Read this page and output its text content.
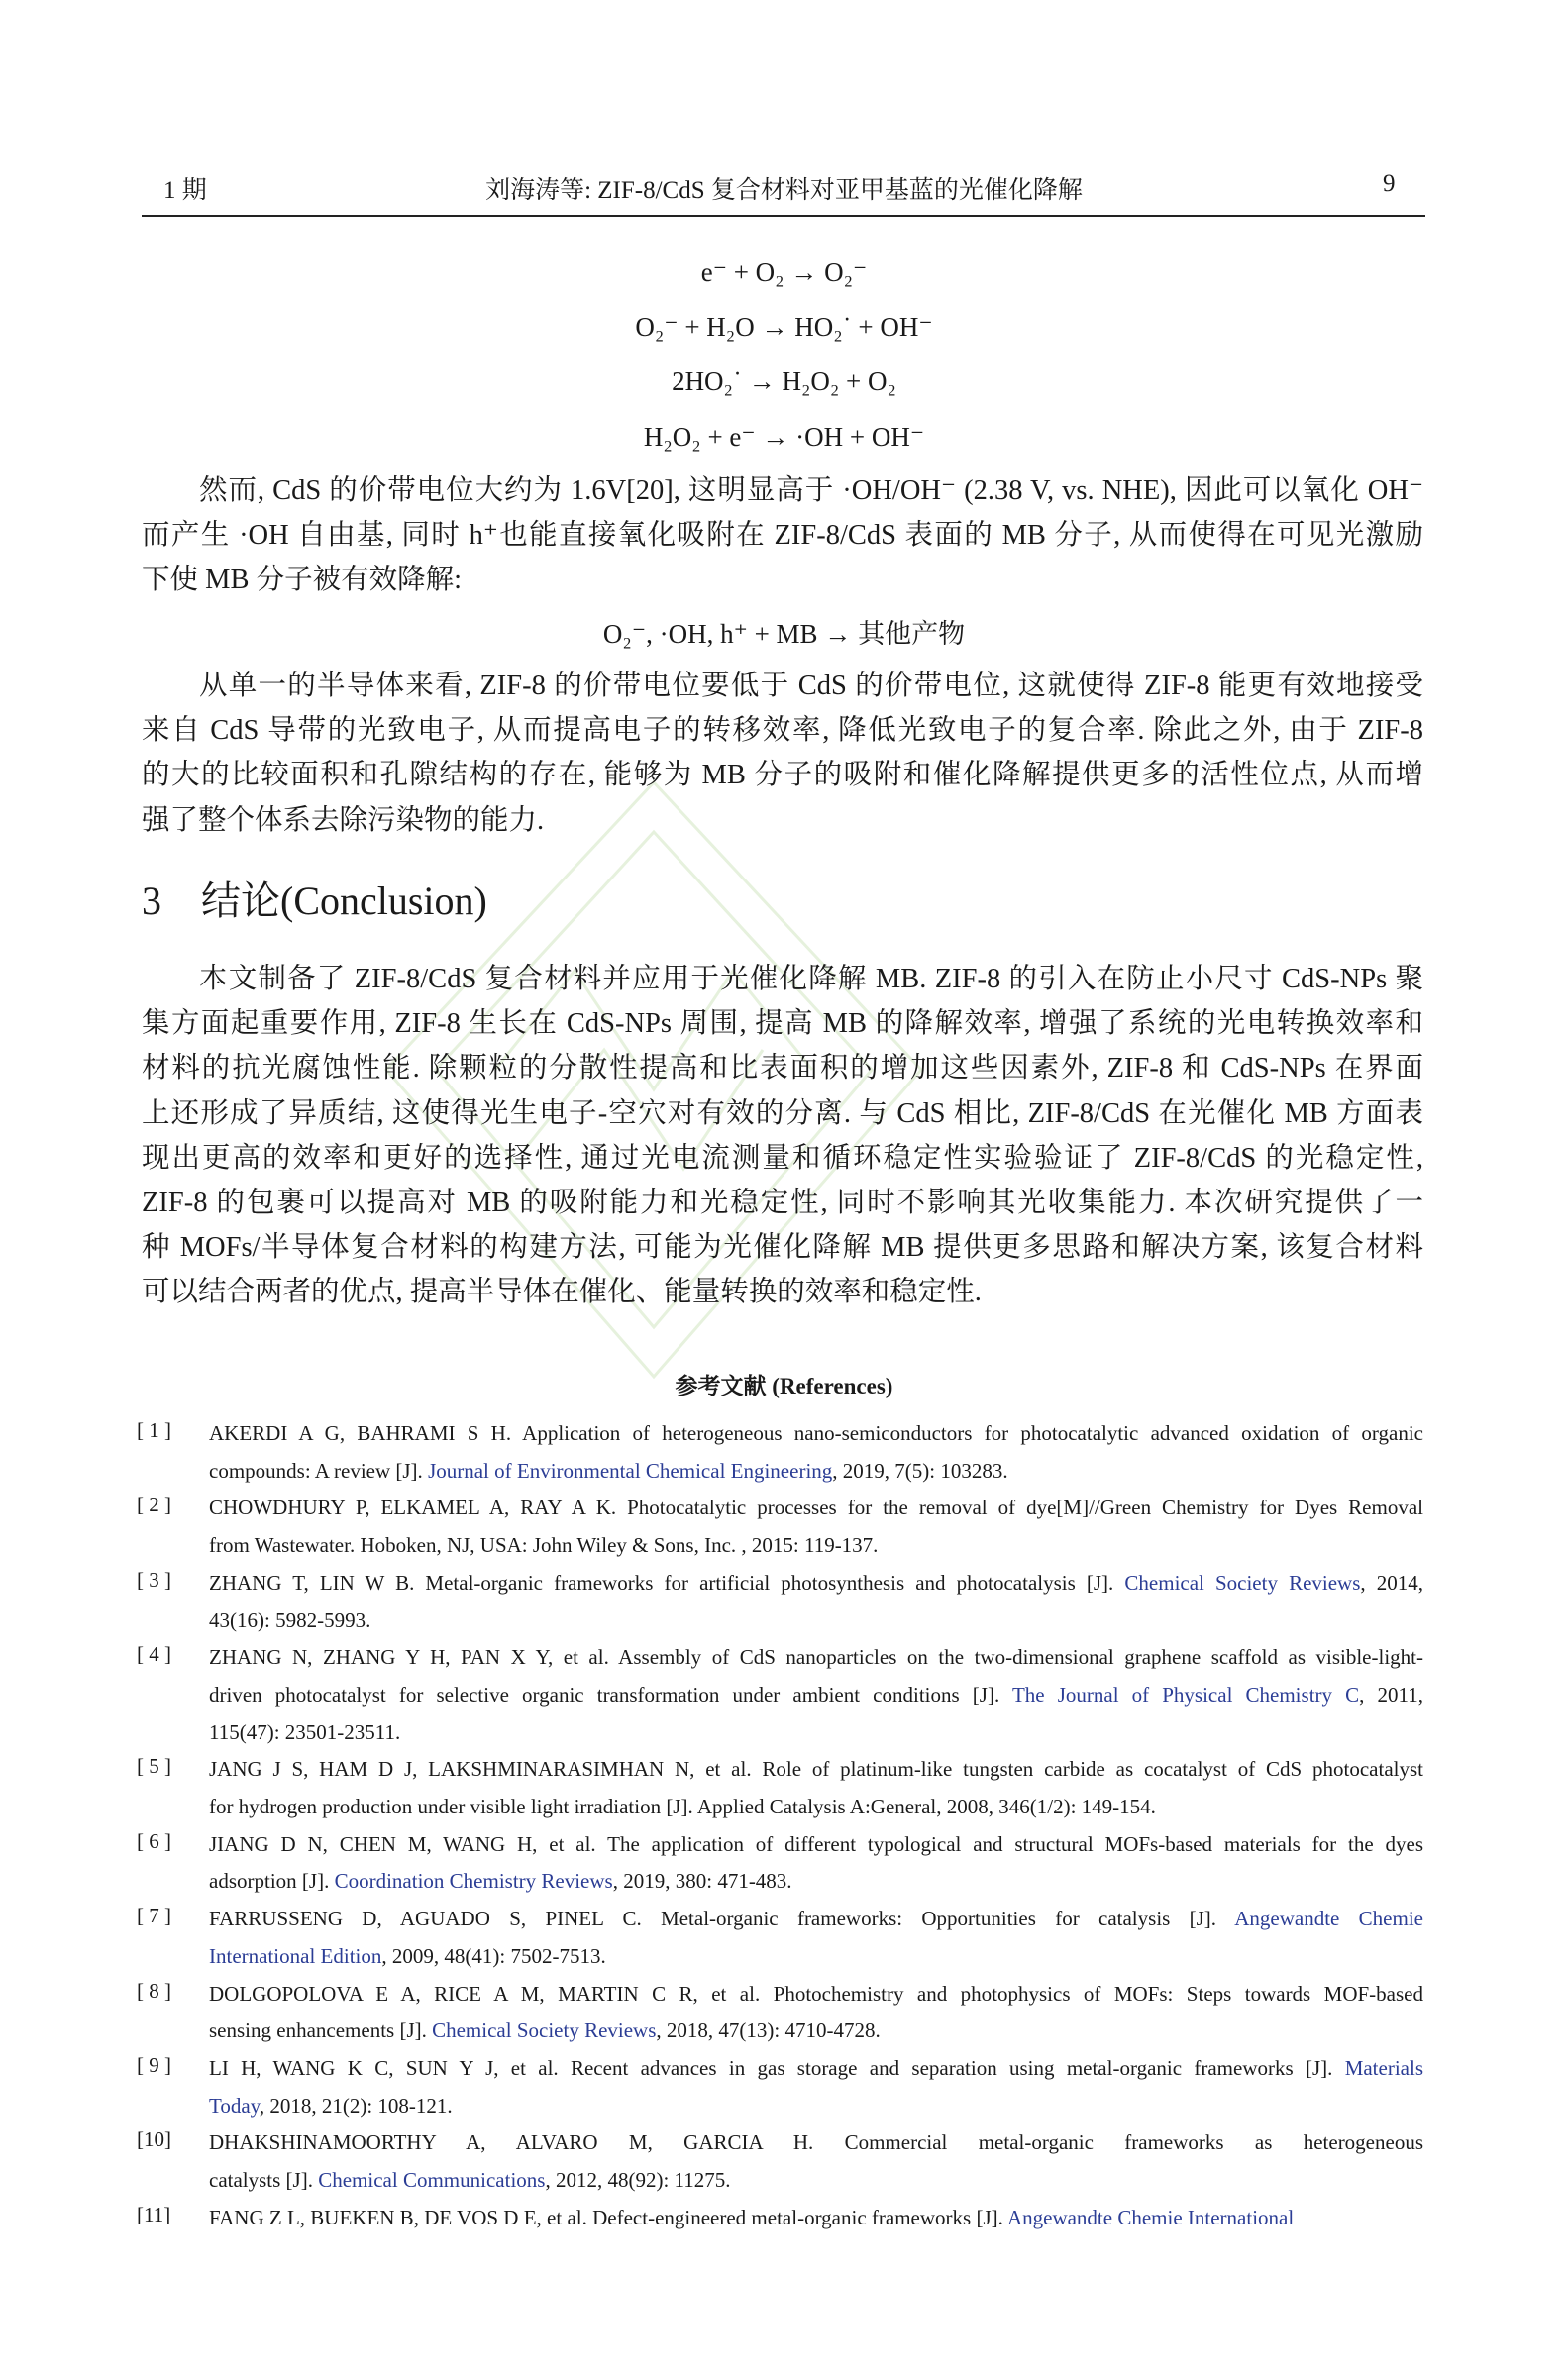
1 期	刘海涛等: ZIF-8/CdS 复合材料对亚甲基蓝的光催化降解	9
e⁻ + O₂ → O₂⁻
O₂⁻ + H₂O → HO₂˙ + OH⁻
2HO₂˙ → H₂O₂ + O₂
H₂O₂ + e⁻ → ·OH + OH⁻
然而, CdS 的价带电位大约为 1.6V[20], 这明显高于 ·OH/OH⁻ (2.38 V, vs. NHE), 因此可以氧化 OH⁻
而产生 ·OH 自由基, 同时 h⁺也能直接氧化吸附在 ZIF-8/CdS 表面的 MB 分子, 从而使得在可见光激励
下使 MB 分子被有效降解:
O₂⁻, ·OH, h⁺ + MB → 其他产物
从单一的半导体来看, ZIF-8 的价带电位要低于 CdS 的价带电位, 这就使得 ZIF-8 能更有效地接受
来自 CdS 导带的光致电子, 从而提高电子的转移效率, 降低光致电子的复合率. 除此之外, 由于 ZIF-8
的大的比较面积和孔隙结构的存在, 能够为 MB 分子的吸附和催化降解提供更多的活性位点, 从而增
强了整个体系去除污染物的能力.
3　结论(Conclusion)
本文制备了 ZIF-8/CdS 复合材料并应用于光催化降解 MB. ZIF-8 的引入在防止小尺寸 CdS-NPs 聚
集方面起重要作用, ZIF-8 生长在 CdS-NPs 周围, 提高 MB 的降解效率, 增强了系统的光电转换效率和
材料的抗光腐蚀性能. 除颗粒的分散性提高和比表面积的增加这些因素外, ZIF-8 和 CdS-NPs 在界面
上还形成了异质结, 这使得光生电子-空穴对有效的分离. 与 CdS 相比, ZIF-8/CdS 在光催化 MB 方面表
现出更高的效率和更好的选择性, 通过光电流测量和循环稳定性实验验证了 ZIF-8/CdS 的光稳定性,
ZIF-8 的包裹可以提高对 MB 的吸附能力和光稳定性, 同时不影响其光收集能力. 本次研究提供了一
种 MOFs/半导体复合材料的构建方法, 可能为光催化降解 MB 提供更多思路和解决方案, 该复合材料
可以结合两者的优点, 提高半导体在催化、能量转换的效率和稳定性.
参考文献 (References)
[ 1 ] AKERDI A G, BAHRAMI S H. Application of heterogeneous nano-semiconductors for photocatalytic advanced oxidation of organic
compounds: A review [J]. Journal of Environmental Chemical Engineering, 2019, 7(5): 103283.
[ 2 ] CHOWDHURY P, ELKAMEL A, RAY A K. Photocatalytic processes for the removal of dye[M]//Green Chemistry for Dyes Removal
from Wastewater. Hoboken, NJ, USA: John Wiley & Sons, Inc. , 2015: 119-137.
[ 3 ] ZHANG T, LIN W B. Metal-organic frameworks for artificial photosynthesis and photocatalysis [J]. Chemical Society Reviews, 2014,
43(16): 5982-5993.
[ 4 ] ZHANG N, ZHANG Y H, PAN X Y, et al. Assembly of CdS nanoparticles on the two-dimensional graphene scaffold as visible-light-
driven photocatalyst for selective organic transformation under ambient conditions [J]. The Journal of Physical Chemistry C, 2011,
115(47): 23501-23511.
[ 5 ] JANG J S, HAM D J, LAKSHMINARASIMHAN N, et al. Role of platinum-like tungsten carbide as cocatalyst of CdS photocatalyst
for hydrogen production under visible light irradiation [J]. Applied Catalysis A:General, 2008, 346(1/2): 149-154.
[ 6 ] JIANG D N, CHEN M, WANG H, et al. The application of different typological and structural MOFs-based materials for the dyes
adsorption [J]. Coordination Chemistry Reviews, 2019, 380: 471-483.
[ 7 ] FARRUSSENG D, AGUADO S, PINEL C. Metal-organic frameworks: Opportunities for catalysis [J]. Angewandte Chemie
International Edition, 2009, 48(41): 7502-7513.
[ 8 ] DOLGOPOLOVA E A, RICE A M, MARTIN C R, et al. Photochemistry and photophysics of MOFs: Steps towards MOF-based
sensing enhancements [J]. Chemical Society Reviews, 2018, 47(13): 4710-4728.
[ 9 ] LI H, WANG K C, SUN Y J, et al. Recent advances in gas storage and separation using metal-organic frameworks [J]. Materials
Today, 2018, 21(2): 108-121.
[10] DHAKSHINAMOORTHY A, ALVARO M, GARCIA H. Commercial metal-organic frameworks as heterogeneous
catalysts [J]. Chemical Communications, 2012, 48(92): 11275.
[11] FANG Z L, BUEKEN B, DE VOS D E, et al. Defect-engineered metal-organic frameworks [J]. Angewandte Chemie International
